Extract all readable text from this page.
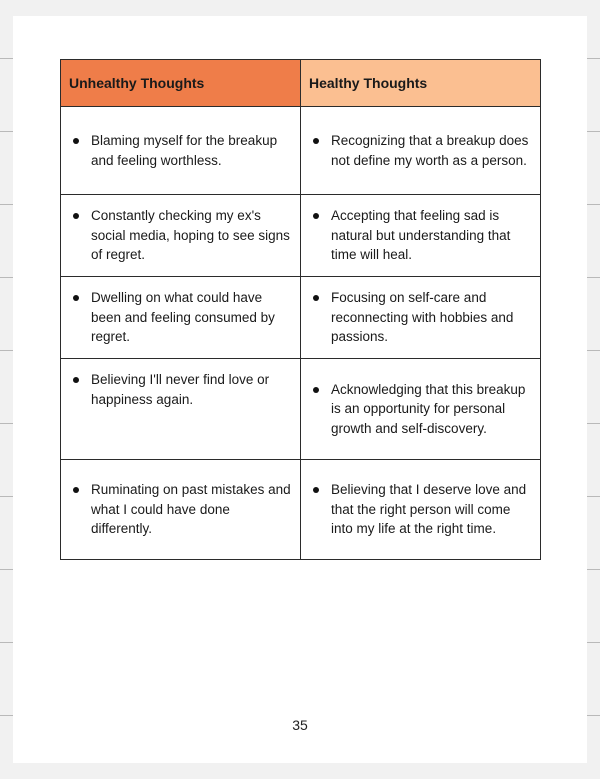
Unhealthy Thoughts	Healthy Thoughts

Blaming myself for the breakup and feeling worthless.	Recognizing that a breakup does not define my worth as a person.

Constantly checking my ex's social media, hoping to see signs of regret.	Accepting that feeling sad is natural but understanding that time will heal.

Dwelling on what could have been and feeling consumed by regret.	Focusing on self-care and reconnecting with hobbies and passions.

Believing I'll never find love or happiness again.	Acknowledging that this breakup is an opportunity for personal growth and self-discovery.

Ruminating on past mistakes and what I could have done differently.	Believing that I deserve love and that the right person will come into my life at the right time.
35
